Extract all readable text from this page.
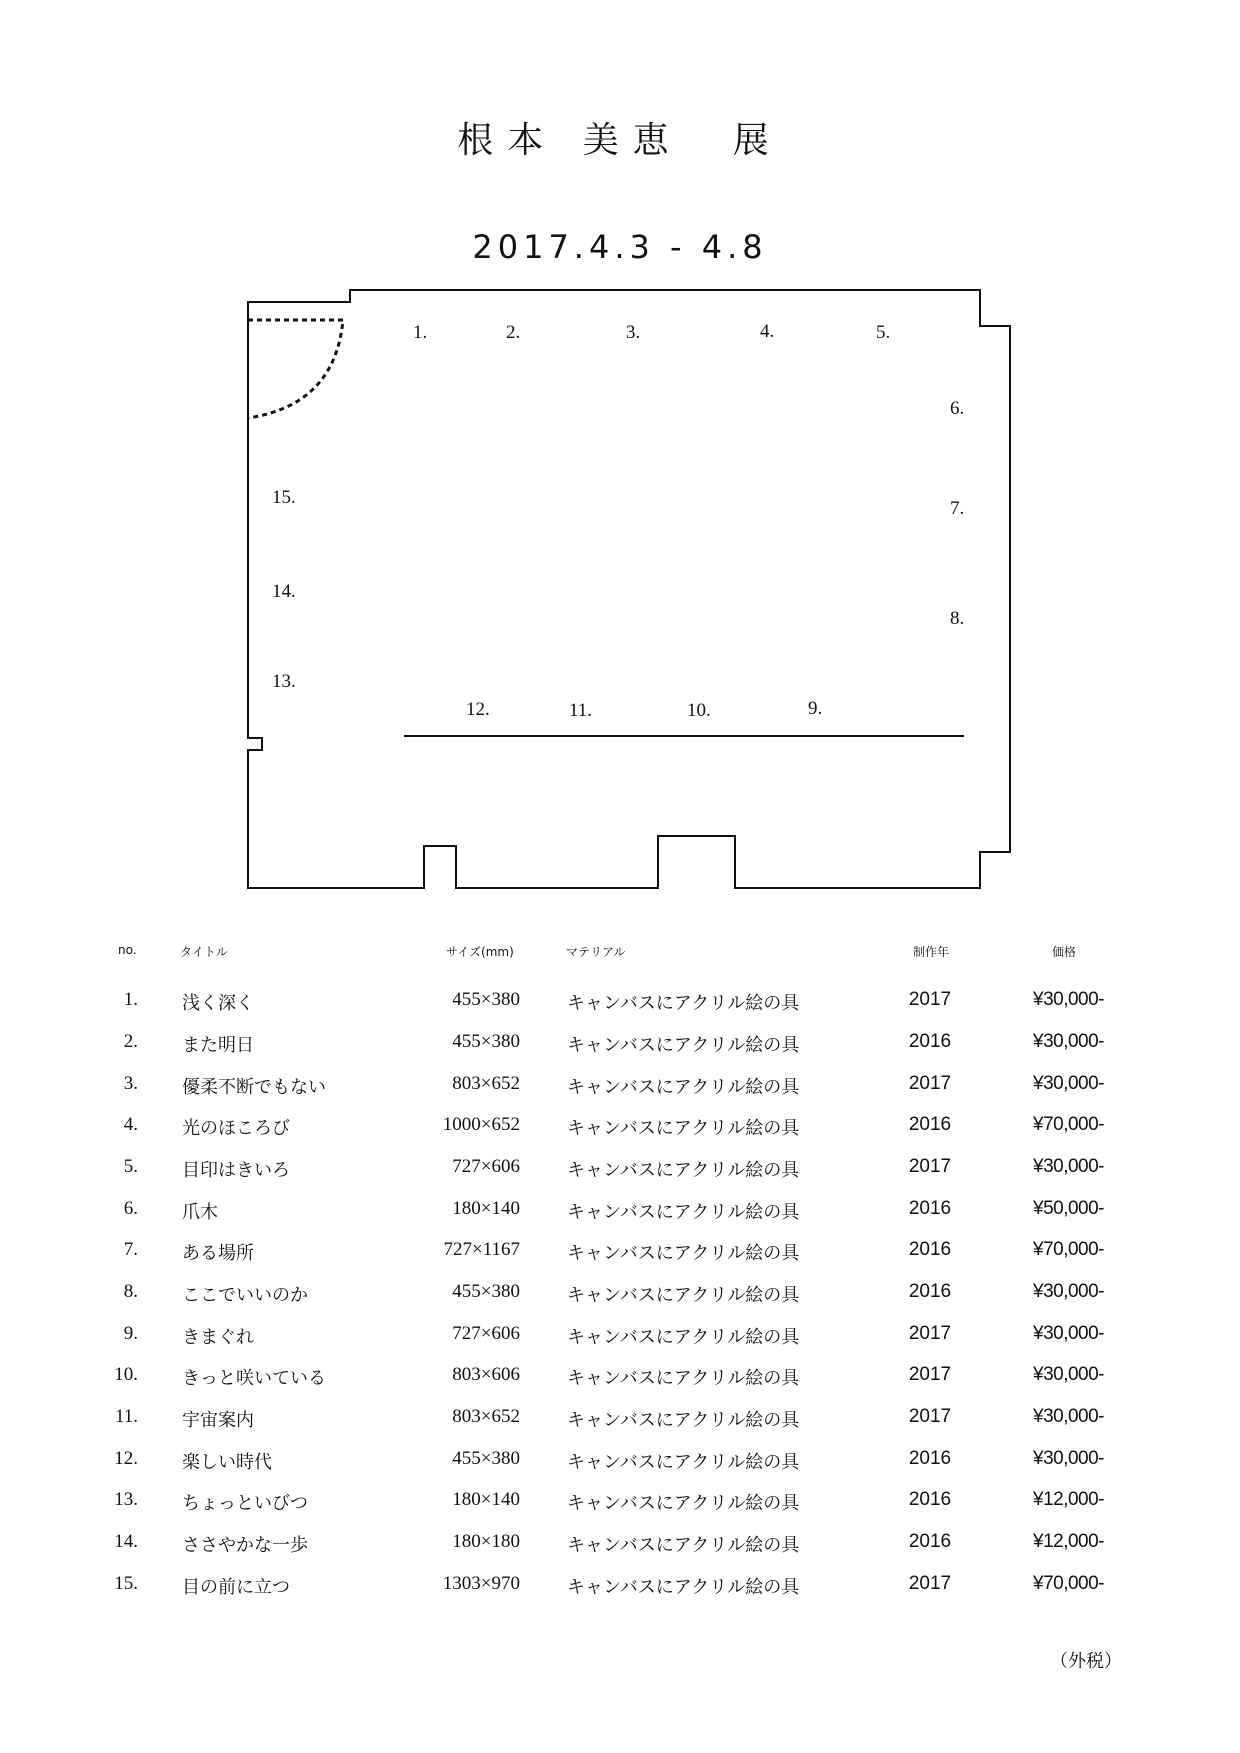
根本 美恵　展
2017.4.3 - 4.8
1.	2.	3.	4.	5.
6.
7.
8.
9.
10.
11.
12.
13.
14.
15.
no.	タイトル	サイズ(mm)	マテリアル	制作年	価格
1. 浅く深く	455×380	キャンバスにアクリル絵の具	2017	¥30,000-
2. また明日	455×380	キャンバスにアクリル絵の具	2016	¥30,000-
3. 優柔不断でもない	803×652	キャンバスにアクリル絵の具	2017	¥30,000-
4. 光のほころび	1000×652	キャンバスにアクリル絵の具	2016	¥70,000-
5. 目印はきいろ	727×606	キャンバスにアクリル絵の具	2017	¥30,000-
6. 爪木	180×140	キャンバスにアクリル絵の具	2016	¥50,000-
7. ある場所	727×1167	キャンバスにアクリル絵の具	2016	¥70,000-
8. ここでいいのか	455×380	キャンバスにアクリル絵の具	2016	¥30,000-
9. きまぐれ	727×606	キャンバスにアクリル絵の具	2017	¥30,000-
10. きっと咲いている	803×606	キャンバスにアクリル絵の具	2017	¥30,000-
11. 宇宙案内	803×652	キャンバスにアクリル絵の具	2017	¥30,000-
12. 楽しい時代	455×380	キャンバスにアクリル絵の具	2016	¥30,000-
13. ちょっといびつ	180×140	キャンバスにアクリル絵の具	2016	¥12,000-
14. ささやかな一歩	180×180	キャンバスにアクリル絵の具	2016	¥12,000-
15. 目の前に立つ	1303×970	キャンバスにアクリル絵の具	2017	¥70,000-
（外税）
